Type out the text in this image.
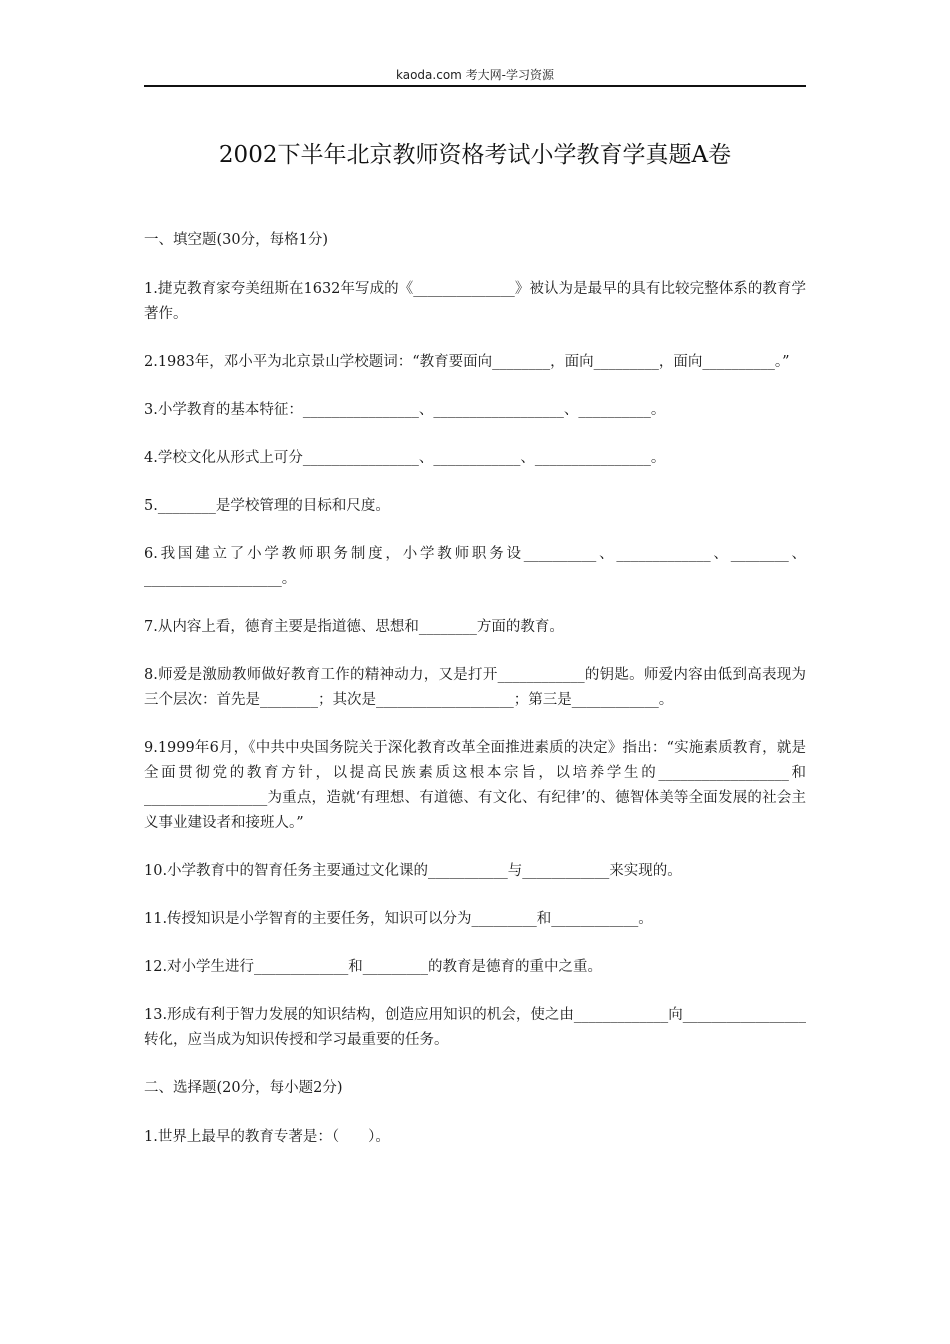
kaoda.com 考大网-学习资源
2002下半年北京教师资格考试小学教育学真题A卷

一、填空题(30分，每格1分)

1.捷克教育家夸美纽斯在1632年写成的《______________》被认为是最早的具有比较完整体系的教育学著作。

2.1983年，邓小平为北京景山学校题词：“教育要面向________，面向_________，面向__________。”

3.小学教育的基本特征：________________、__________________、__________。

4.学校文化从形式上可分________________、____________、________________。

5.________是学校管理的目标和尺度。

6.我国建立了小学教师职务制度，小学教师职务设__________、_____________、________、___________________。

7.从内容上看，德育主要是指道德、思想和________方面的教育。

8.师爱是激励教师做好教育工作的精神动力，又是打开____________的钥匙。师爱内容由低到高表现为三个层次：首先是________；其次是___________________；第三是____________。

9.1999年6月，《中共中央国务院关于深化教育改革全面推进素质的决定》指出：“实施素质教育，就是全面贯彻党的教育方针，以提高民族素质这根本宗旨，以培养学生的__________________和_________________为重点，造就‘有理想、有道德、有文化、有纪律’的、德智体美等全面发展的社会主义事业建设者和接班人。”

10.小学教育中的智育任务主要通过文化课的___________与____________来实现的。

11.传授知识是小学智育的主要任务，知识可以分为_________和____________。

12.对小学生进行_____________和_________的教育是德育的重中之重。

13.形成有利于智力发展的知识结构，创造应用知识的机会，使之由_____________向_________________转化，应当成为知识传授和学习最重要的任务。

二、选择题(20分，每小题2分)

1.世界上最早的教育专著是：（　　）。
